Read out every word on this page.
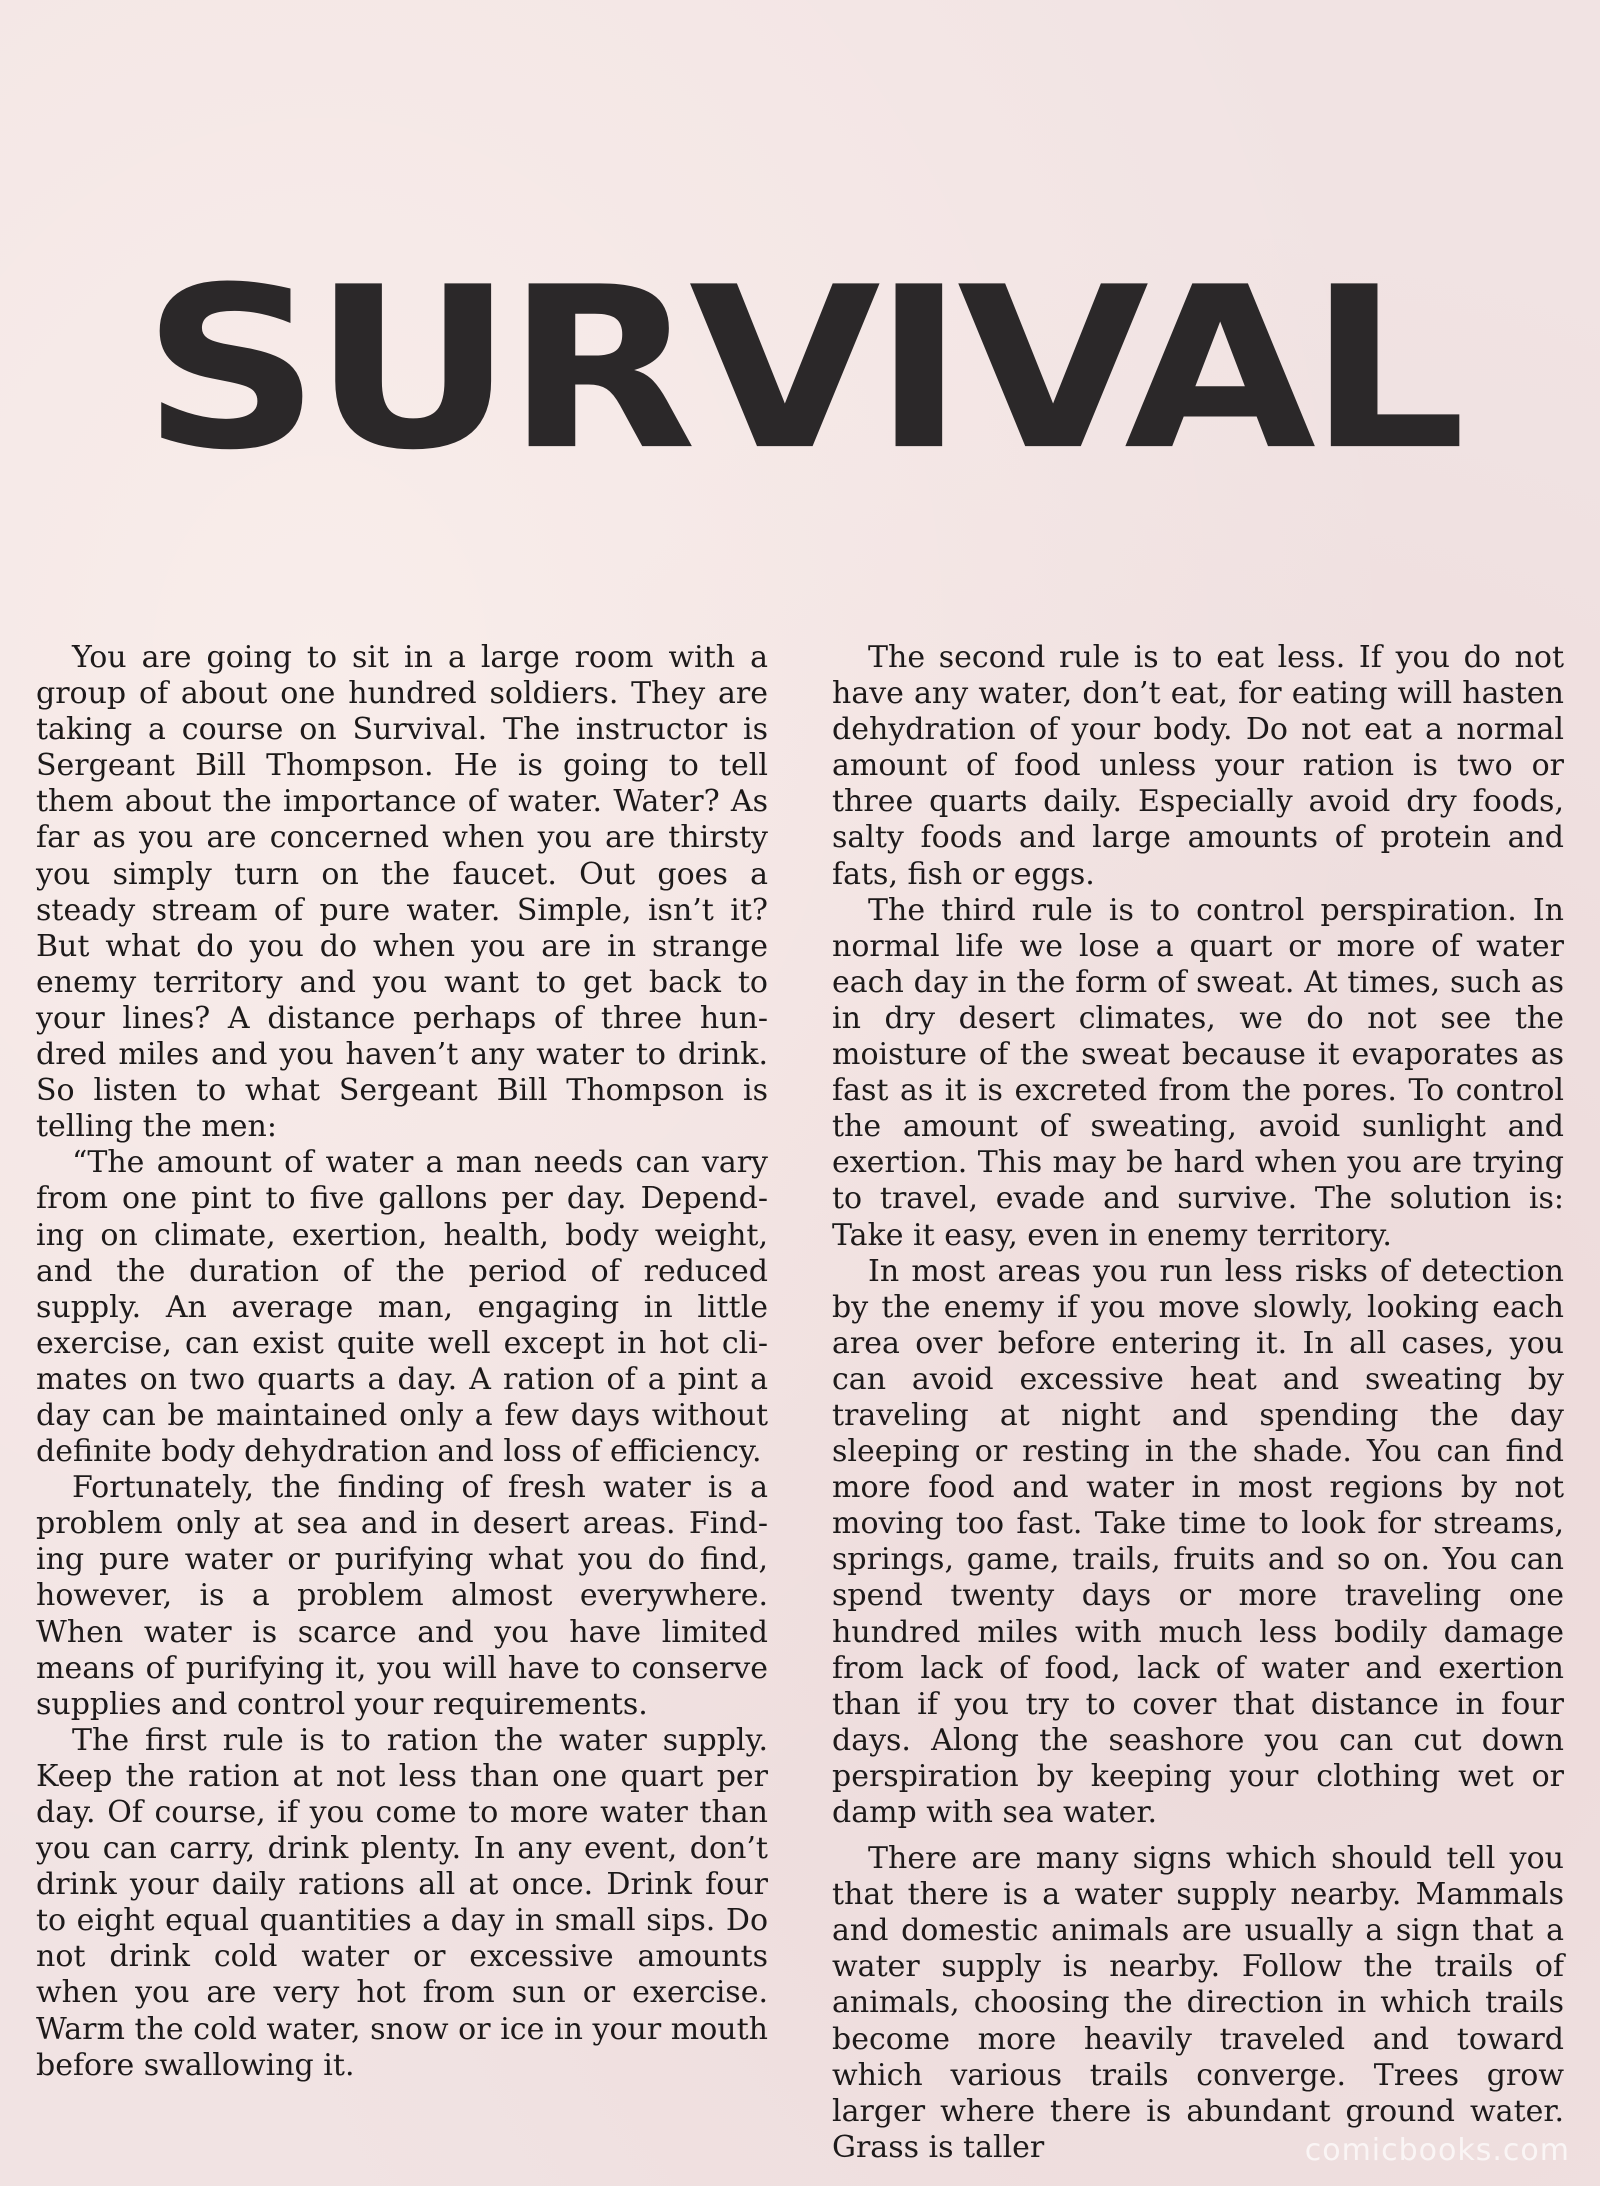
SURVIVAL

You are going to sit in a large room with a group of about one hundred soldiers. They are taking a course on Survival. The instructor is Sergeant Bill Thompson. He is going to tell them about the importance of water. Water? As far as you are concerned when you are thirsty you simply turn on the faucet. Out goes a steady stream of pure water. Simple, isn’t it? But what do you do when you are in strange enemy territory and you want to get back to your lines? A distance perhaps of three hundred miles and you haven’t any water to drink. So listen to what Sergeant Bill Thompson is telling the men:

“The amount of water a man needs can vary from one pint to five gallons per day. Depending on climate, exertion, health, body weight, and the duration of the period of reduced supply. An average man, engaging in little exercise, can exist quite well except in hot climates on two quarts a day. A ration of a pint a day can be maintained only a few days without definite body dehydration and loss of efficiency.

Fortunately, the finding of fresh water is a problem only at sea and in desert areas. Finding pure water or purifying what you do find, however, is a problem almost everywhere. When water is scarce and you have limited means of purifying it, you will have to conserve supplies and control your requirements.

The first rule is to ration the water supply. Keep the ration at not less than one quart per day. Of course, if you come to more water than you can carry, drink plenty. In any event, don’t drink your daily rations all at once. Drink four to eight equal quantities a day in small sips. Do not drink cold water or excessive amounts when you are very hot from sun or exercise. Warm the cold water, snow or ice in your mouth before swallowing it.

The second rule is to eat less. If you do not have any water, don’t eat, for eating will hasten dehydration of your body. Do not eat a normal amount of food unless your ration is two or three quarts daily. Especially avoid dry foods, salty foods and large amounts of protein and fats, fish or eggs.

The third rule is to control perspiration. In normal life we lose a quart or more of water each day in the form of sweat. At times, such as in dry desert climates, we do not see the moisture of the sweat because it evaporates as fast as it is excreted from the pores. To control the amount of sweating, avoid sunlight and exertion. This may be hard when you are trying to travel, evade and survive. The solution is: Take it easy, even in enemy territory.

In most areas you run less risks of detection by the enemy if you move slowly, looking each area over before entering it. In all cases, you can avoid excessive heat and sweating by traveling at night and spending the day sleeping or resting in the shade. You can find more food and water in most regions by not moving too fast. Take time to look for streams, springs, game, trails, fruits and so on. You can spend twenty days or more traveling one hundred miles with much less bodily damage from lack of food, lack of water and exertion than if you try to cover that distance in four days. Along the seashore you can cut down perspiration by keeping your clothing wet or damp with sea water.

There are many signs which should tell you that there is a water supply nearby. Mammals and domestic animals are usually a sign that a water supply is nearby. Follow the trails of animals, choosing the direction in which trails become more heavily traveled and toward which various trails converge. Trees grow larger where there is abundant ground water. Grass is taller	comicbooks.com
